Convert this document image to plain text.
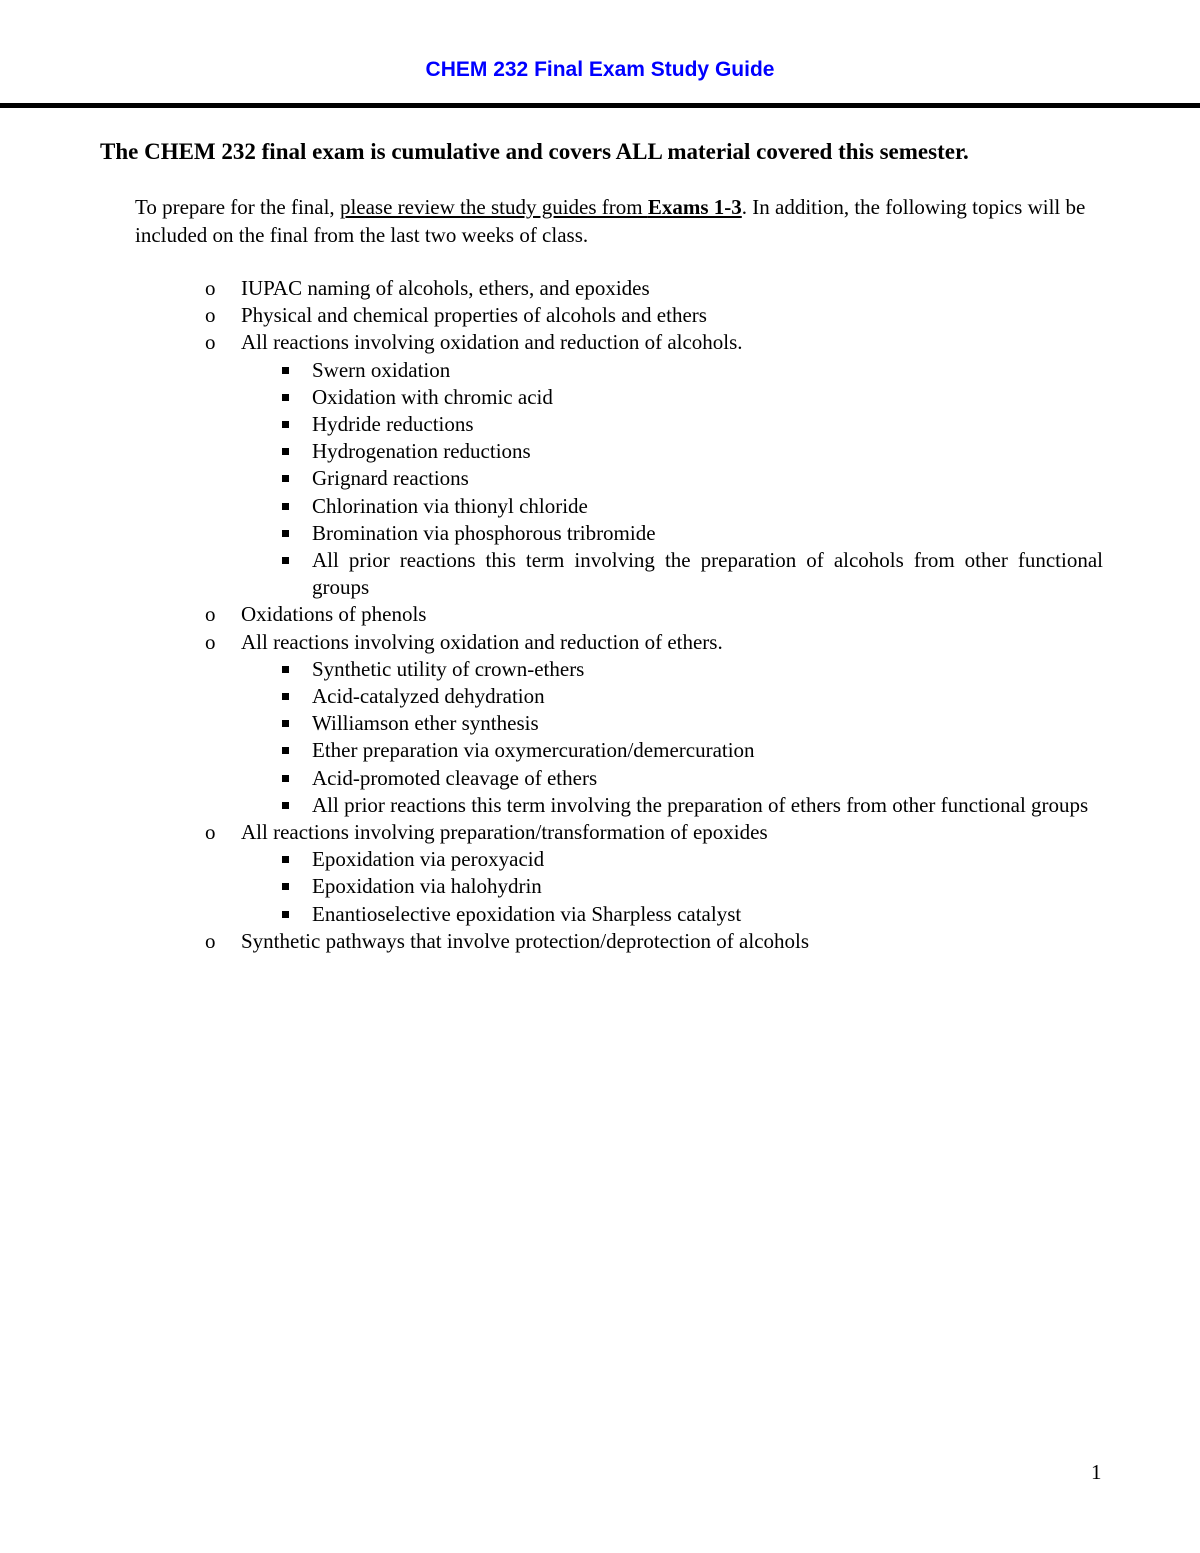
CHEM 232 Final Exam Study Guide
The CHEM 232 final exam is cumulative and covers ALL material covered this semester.
To prepare for the final, please review the study guides from Exams 1-3. In addition, the following topics will be included on the final from the last two weeks of class.
o IUPAC naming of alcohols, ethers, and epoxides
o Physical and chemical properties of alcohols and ethers
o All reactions involving oxidation and reduction of alcohols.
Swern oxidation
Oxidation with chromic acid
Hydride reductions
Hydrogenation reductions
Grignard reactions
Chlorination via thionyl chloride
Bromination via phosphorous tribromide
All prior reactions this term involving the preparation of alcohols from other functional groups
o Oxidations of phenols
o All reactions involving oxidation and reduction of ethers.
Synthetic utility of crown-ethers
Acid-catalyzed dehydration
Williamson ether synthesis
Ether preparation via oxymercuration/demercuration
Acid-promoted cleavage of ethers
All prior reactions this term involving the preparation of ethers from other functional groups
o All reactions involving preparation/transformation of epoxides
Epoxidation via peroxyacid
Epoxidation via halohydrin
Enantioselective epoxidation via Sharpless catalyst
o Synthetic pathways that involve protection/deprotection of alcohols
1
